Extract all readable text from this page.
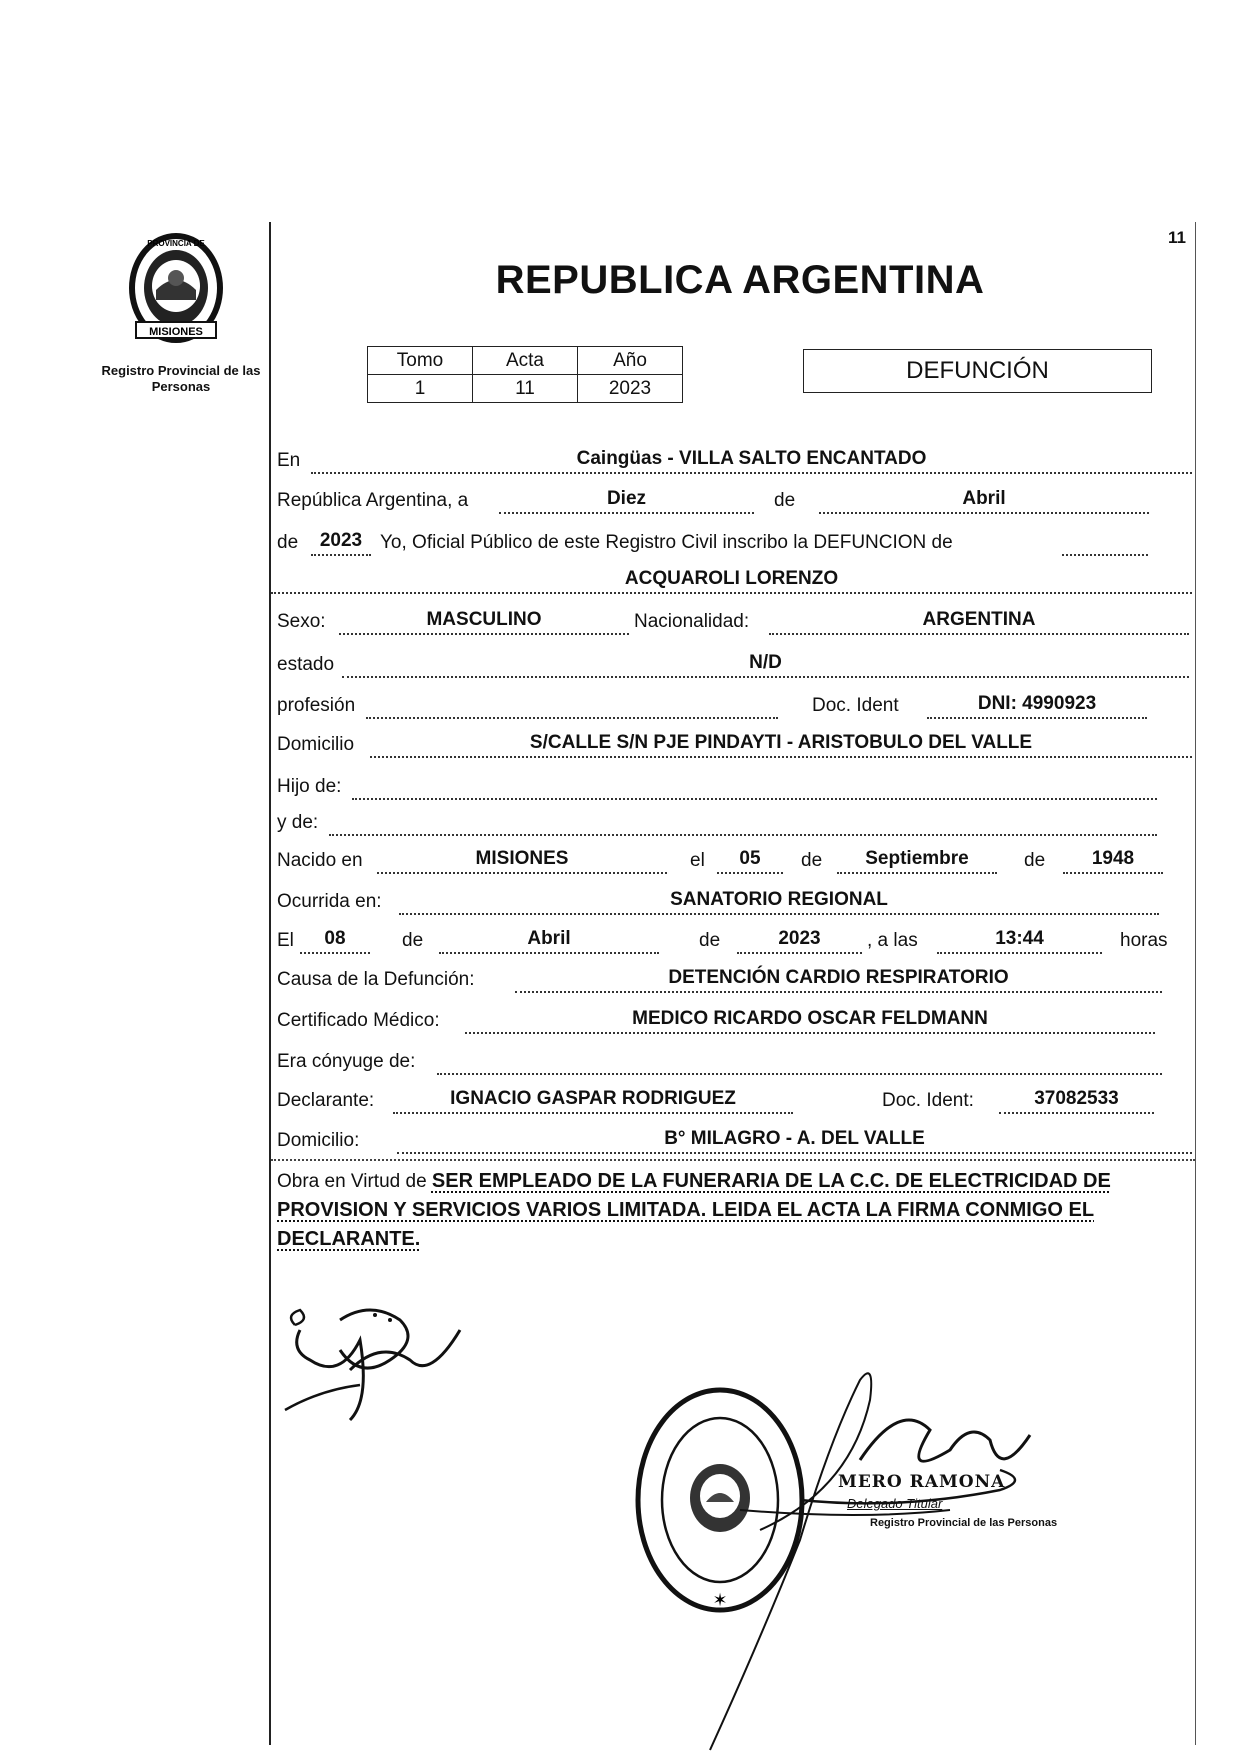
11
MISIONES
PROVINCIA DE
Registro Provincial de las Personas
REPUBLICA ARGENTINA
Tomo	Acta	Año
1	11	2023
DEFUNCIÓN
En	Caingüas - VILLA SALTO ENCANTADO
República Argentina, a	Diez	de	Abril
de	2023 Yo, Oficial Público de este Registro Civil inscribo la DEFUNCION de
ACQUAROLI LORENZO
Sexo:	MASCULINO	Nacionalidad:	ARGENTINA
estado	N/D
profesión	Doc. Ident	DNI: 4990923
Domicilio	S/CALLE S/N PJE PINDAYTI - ARISTOBULO DEL VALLE
Hijo de:
y de:
Nacido en	MISIONES	el	05	de	Septiembre	de	1948
Ocurrida en:	SANATORIO REGIONAL
El	08	de	Abril	de	2023	, a las	13:44	horas
Causa de la Defunción:	DETENCIÓN CARDIO RESPIRATORIO
Certificado Médico:	MEDICO RICARDO OSCAR FELDMANN
Era cónyuge de:
Declarante:	IGNACIO GASPAR RODRIGUEZ	Doc. Ident:	37082533
Domicilio:	B° MILAGRO - A. DEL VALLE
Obra en Virtud de SER EMPLEADO DE LA FUNERARIA DE LA C.C. DE ELECTRICIDAD DE PROVISION Y SERVICIOS VARIOS LIMITADA. LEIDA EL ACTA LA FIRMA CONMIGO EL DECLARANTE.
✶
MERO RAMONA
Delegado Titular
Registro Provincial de las Personas
